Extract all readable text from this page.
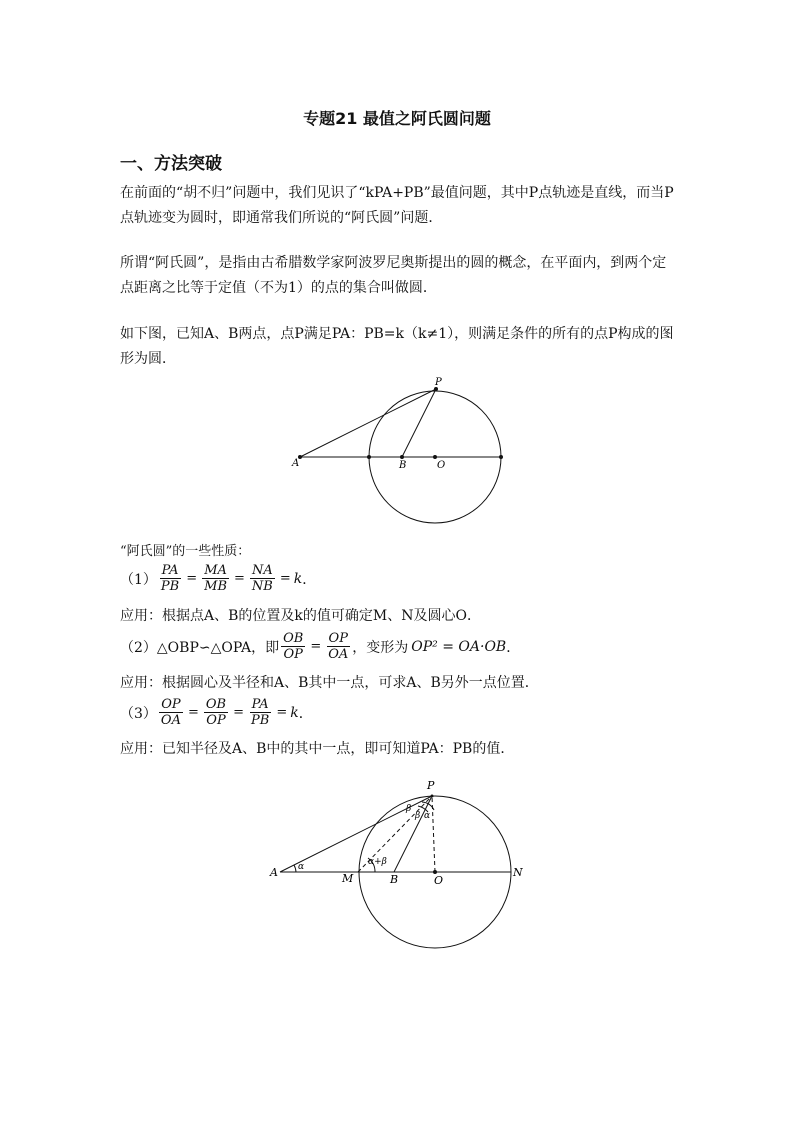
专题21 最值之阿氏圆问题
一、方法突破
在前面的“胡不归”问题中，我们见识了“kPA+PB”最值问题，其中P点轨迹是直线，而当P点轨迹变为圆时，即通常我们所说的“阿氏圆”问题．
所谓“阿氏圆”，是指由古希腊数学家阿波罗尼奥斯提出的圆的概念，在平面内，到两个定点距离之比等于定值（不为1）的点的集合叫做圆．
如下图，已知A、B两点，点P满足PA：PB=k（k≠1），则满足条件的所有的点P构成的图形为圆．
A	B	O
P
“阿氏圆”的一些性质：
$(1) \frac{PA}{PB} = \frac{MA}{MB} = \frac{NA}{NB} = k$ ．
应用：根据点A、B的位置及k的值可确定M、N及圆心O．
（2）△OBP∽△OPA，即 $\frac{OB}{OP} = \frac{OP}{OA}$ ，变形为 OP² = OA·OB ．
应用：根据圆心及半径和A、B其中一点，可求A、B另外一点位置．
$(3) \frac{OP}{OA} = \frac{OB}{OP} = \frac{PA}{PB} = k$ ．
应用：已知半径及A、B中的其中一点，即可知道PA：PB的值．
A	M	B	O
N
P
α	α+β
β
β α
